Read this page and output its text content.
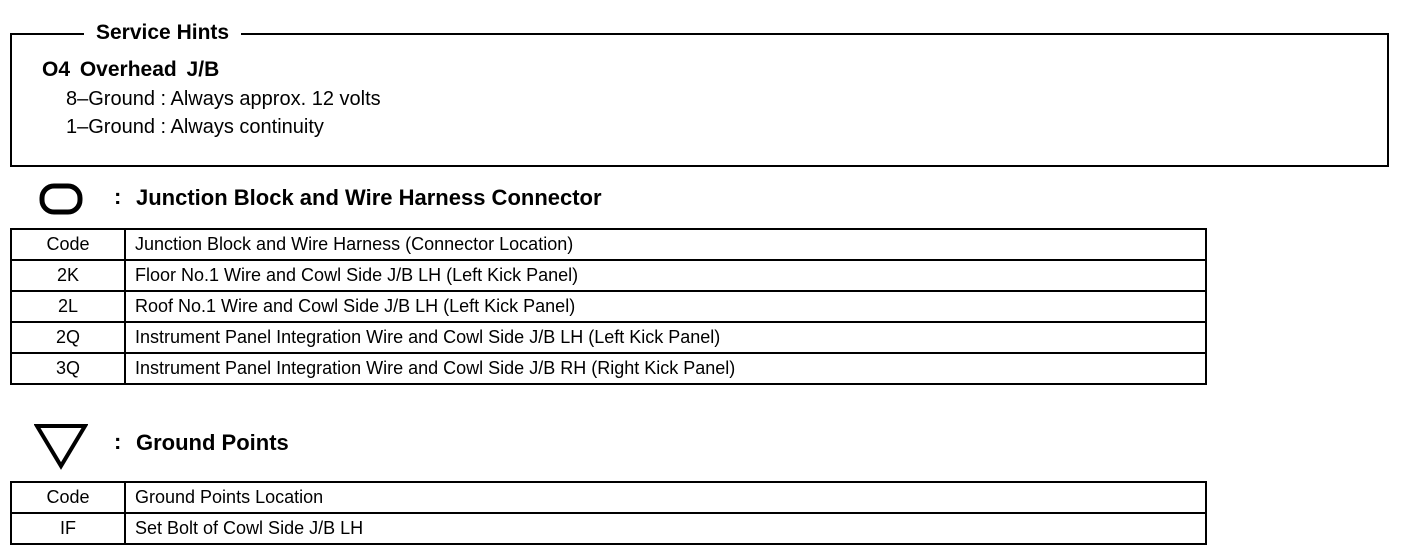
Service Hints
O4 Overhead J/B
8–Ground : Always approx. 12 volts
1–Ground : Always continuity
: Junction Block and Wire Harness Connector
Code	Junction Block and Wire Harness (Connector Location)
2K	Floor No.1 Wire and Cowl Side J/B LH (Left Kick Panel)
2L	Roof No.1 Wire and Cowl Side J/B LH (Left Kick Panel)
2Q	Instrument Panel Integration Wire and Cowl Side J/B LH (Left Kick Panel)
3Q	Instrument Panel Integration Wire and Cowl Side J/B RH (Right Kick Panel)
: Ground Points
Code	Ground Points Location
IF	Set Bolt of Cowl Side J/B LH
